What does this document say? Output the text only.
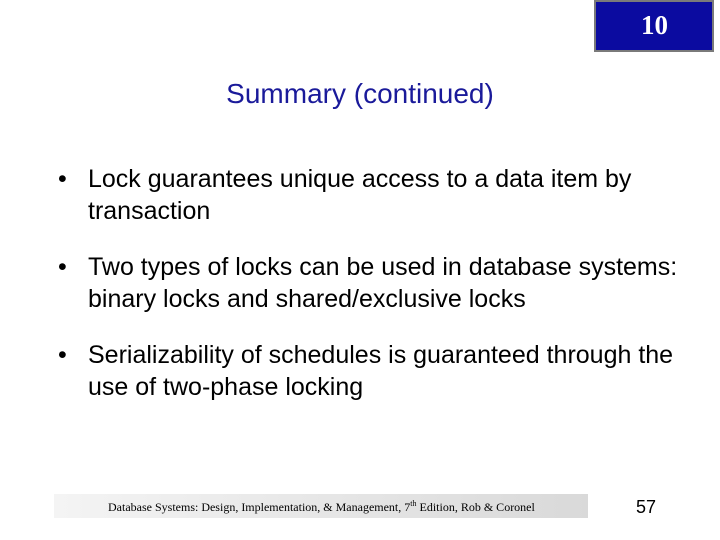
10
Summary (continued)
• Lock guarantees unique access to a data item by transaction
• Two types of locks can be used in database systems: binary locks and shared/exclusive locks
• Serializability of schedules is guaranteed through the use of two-phase locking
Database Systems: Design, Implementation, & Management, 7th Edition, Rob & Coronel	57
